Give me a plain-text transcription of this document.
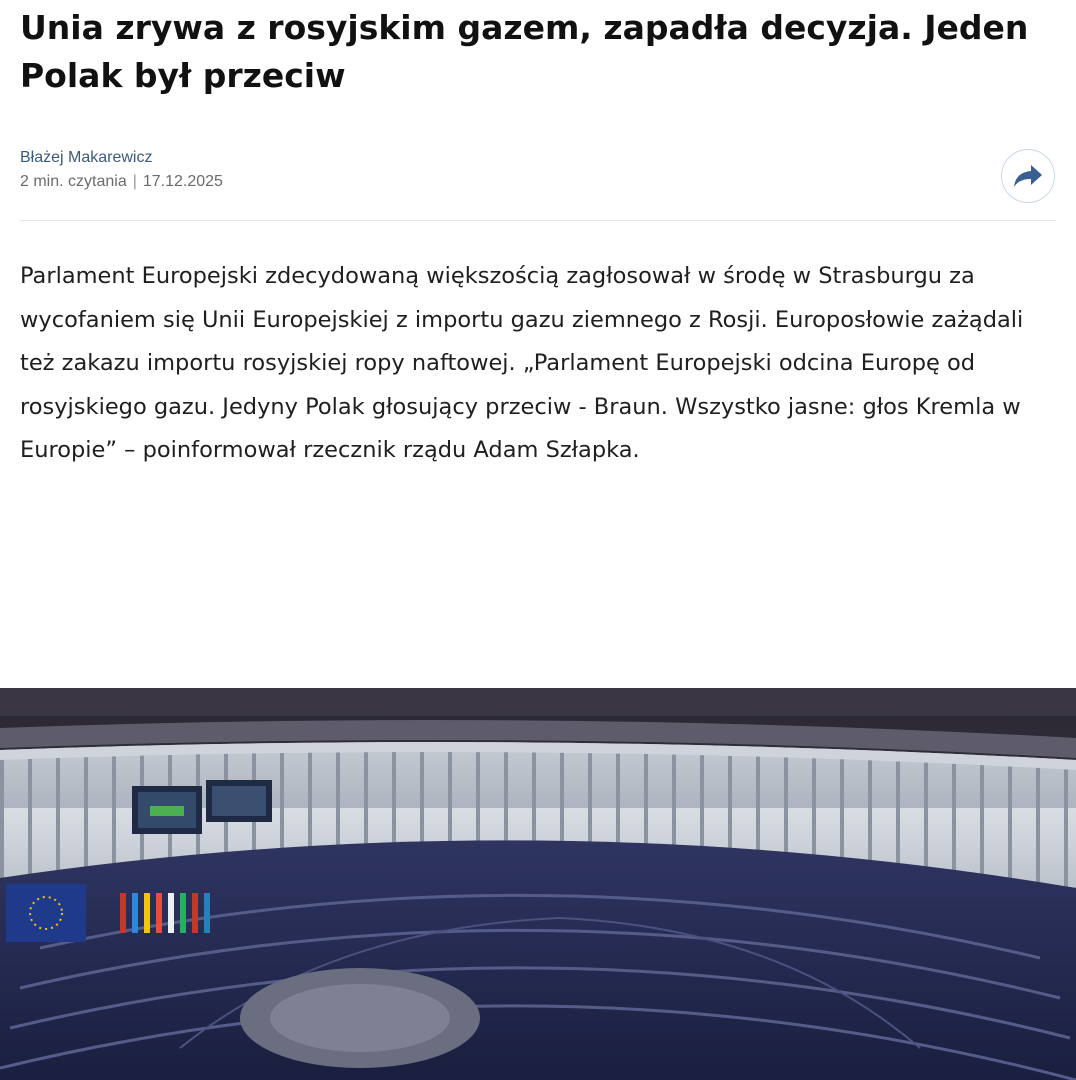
Unia zrywa z rosyjskim gazem, zapadła decyzja. Jeden Polak był przeciw
Błażej Makarewicz
2 min. czytania | 17.12.2025

Parlament Europejski zdecydowaną większością zagłosował w środę w Strasburgu za wycofaniem się Unii Europejskiej z importu gazu ziemnego z Rosji. Europosłowie zażądali też zakazu importu rosyjskiej ropy naftowej. „Parlament Europejski odcina Europę od rosyjskiego gazu. Jedyny Polak głosujący przeciw - Braun. Wszystko jasne: głos Kremla w Europie” – poinformował rzecznik rządu Adam Szłapka.
